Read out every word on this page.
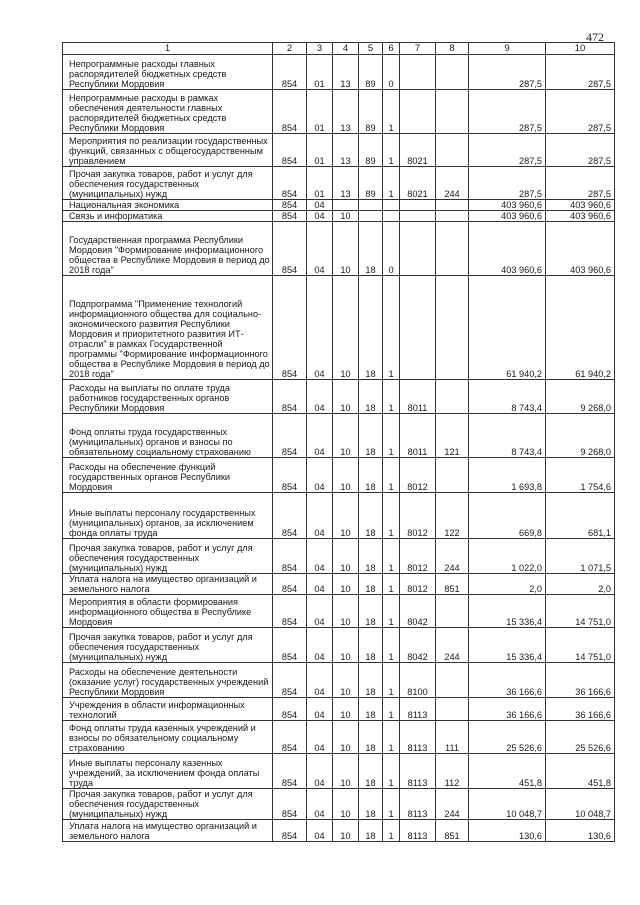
472
1	2	3	4	5	6	7	8	9	10
Непрограммные расходы главных распорядителей бюджетных средств Республики Мордовия	854	01	13	89	0			287,5	287,5
Непрограммные расходы в рамках обеспечения деятельности главных распорядителей бюджетных средств Республики Мордовия	854	01	13	89	1			287,5	287,5
Мероприятия по реализации государственных функций, связанных с общегосударственным управлением	854	01	13	89	1	8021		287,5	287,5
Прочая закупка товаров, работ и услуг для обеспечения государственных (муниципальных) нужд	854	01	13	89	1	8021	244	287,5	287,5
Национальная экономика	854	04						403 960,6	403 960,6
Связь и информатика	854	04	10					403 960,6	403 960,6
Государственная программа Республики Мордовия "Формирование информационного общества в Республике Мордовия в период до 2018 года"	854	04	10	18	0			403 960,6	403 960,6
Подпрограмма "Применение технологий информационного общества для социально-экономического развития Республики Мордовия и приоритетного развития ИТ-отрасли" в рамках Государственной программы "Формирование информационного общества в Республике Мордовия в период до 2018 года"	854	04	10	18	1			61 940,2	61 940,2
Расходы на выплаты по оплате труда работников государственных органов Республики Мордовия	854	04	10	18	1	8011		8 743,4	9 268,0
Фонд оплаты труда государственных (муниципальных) органов и взносы по обязательному социальному страхованию	854	04	10	18	1	8011	121	8 743,4	9 268,0
Расходы на обеспечение функций государственных органов Республики Мордовия	854	04	10	18	1	8012		1 693,8	1 754,6
Иные выплаты персоналу государственных (муниципальных) органов, за исключением фонда оплаты труда	854	04	10	18	1	8012	122	669,8	681,1
Прочая закупка товаров, работ и услуг для обеспечения государственных (муниципальных) нужд	854	04	10	18	1	8012	244	1 022,0	1 071,5
Уплата налога на имущество организаций и земельного налога	854	04	10	18	1	8012	851	2,0	2,0
Мероприятия в области формирования информационного общества в Республике Мордовия	854	04	10	18	1	8042		15 336,4	14 751,0
Прочая закупка товаров, работ и услуг для обеспечения государственных (муниципальных) нужд	854	04	10	18	1	8042	244	15 336,4	14 751,0
Расходы на обеспечение деятельности (оказание услуг) государственных учреждений Республики Мордовия	854	04	10	18	1	8100		36 166,6	36 166,6
Учреждения в области информационных технологий	854	04	10	18	1	8113		36 166,6	36 166,6
Фонд оплаты труда казенных учреждений и взносы по обязательному социальному страхованию	854	04	10	18	1	8113	111	25 526,6	25 526,6
Иные выплаты персоналу казенных учреждений, за исключением фонда оплаты труда	854	04	10	18	1	8113	112	451,8	451,8
Прочая закупка товаров, работ и услуг для обеспечения государственных (муниципальных) нужд	854	04	10	18	1	8113	244	10 048,7	10 048,7
Уплата налога на имущество организаций и земельного налога	854	04	10	18	1	8113	851	130,6	130,6
